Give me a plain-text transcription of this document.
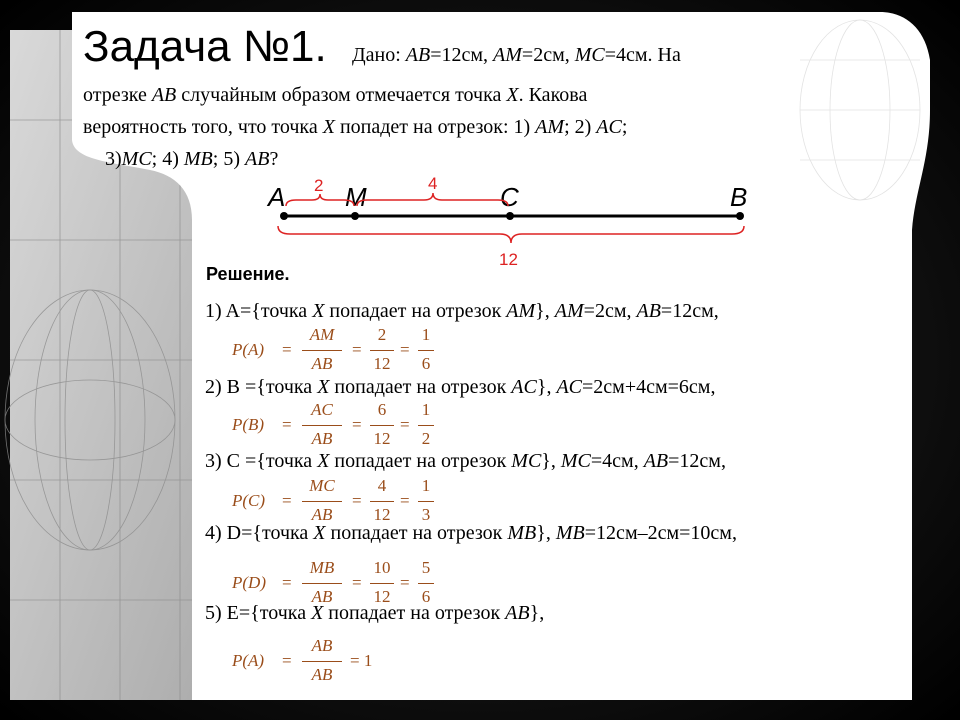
Задача №1. Дано: AB=12см, AM=2см, MC=4см. На
отрезке AB случайным образом отмечается точка X. Какова
вероятность того, что точка X попадет на отрезок: 1) AM; 2) AC;
3)MC; 4) MB; 5) AB?
A M	C	B
2	4
12
Решение.
1) A={точка X попадает на отрезок AM}, AM=2см, AB=12см,
2) B ={точка X попадает на отрезок AC}, AC=2см+4см=6см,
3) C ={точка X попадает на отрезок MC}, MC=4см, AB=12см,
4) D={точка X попадает на отрезок MB}, MB=12см–2см=10см,
5) E={точка X попадает на отрезок AB},
P(A) =
AM
AB
=
2
12
=
1
6
P(B) =
AC
AB
=
6
12
=
1
2
P(C) =
MC
AB
=
4
12
=
1
3
P(D) =
MB
AB
=
10
12
=
5
6
P(A) =
AB
AB
= 1
